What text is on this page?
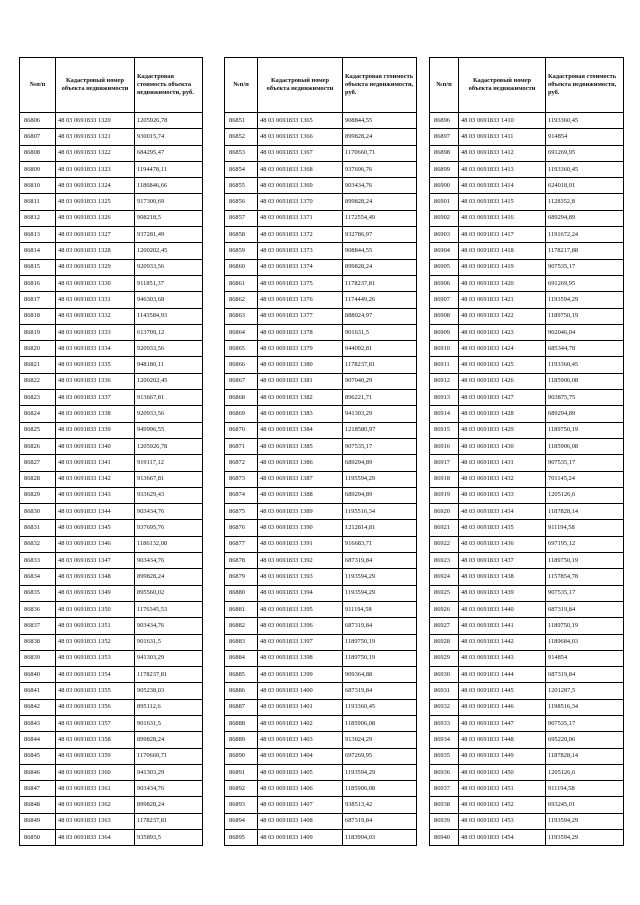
№п/п	Кадастровый номер объекта недвижимости	Кадастровая стоимость объекта недвижимости, руб.
86806	48 03 0691833 1320	1205926,78
86807	48 03 0691833 1321	930015,74
86808	48 03 0691833 1322	684295,47
86809	48 03 0691833 1323	1194478,11
86810	48 03 0691833 1324	1186846,66
86811	48 03 0691833 1325	917300,69
86812	48 03 0691833 1326	908218,5
86813	48 03 0691833 1327	937281,49
86814	48 03 0691833 1328	1200202,45
86815	48 03 0691833 1329	920933,56
86816	48 03 0691833 1330	911851,37
86817	48 03 0691833 1331	946303,68
86818	48 03 0691833 1332	1143584,93
86819	48 03 0691833 1333	613709,12
86820	48 03 0691833 1334	920933,56
86821	48 03 0691833 1335	948180,11
86822	48 03 0691833 1336	1200202,45
86823	48 03 0691833 1337	913667,81
86824	48 03 0691833 1338	920933,56
86825	48 03 0691833 1339	949996,55
86826	48 03 0691833 1340	1205926,78
86827	48 03 0691833 1341	919117,12
86828	48 03 0691833 1342	913667,81
86829	48 03 0691833 1343	933629,43
86830	48 03 0691833 1344	903434,76
86831	48 03 0691833 1345	937695,76
86832	48 03 0691833 1346	1186132,08
86833	48 03 0691833 1347	903434,76
86834	48 03 0691833 1348	899828,24
86835	48 03 0691833 1349	895560,02
86836	48 03 0691833 1350	1176345,53
86837	48 03 0691833 1351	903434,76
86838	48 03 0691833 1352	901631,5
86839	48 03 0691833 1353	941303,29
86840	48 03 0691833 1354	1178237,81
86841	48 03 0691833 1355	905238,03
86842	48 03 0691833 1356	895112,6
86843	48 03 0691833 1357	901631,5
86844	48 03 0691833 1358	899828,24
86845	48 03 0691833 1359	1170660,71
86846	48 03 0691833 1360	941303,29
86847	48 03 0691833 1361	903434,76
86848	48 03 0691833 1362	899828,24
86849	48 03 0691833 1363	1178237,81
86850	48 03 0691833 1364	935893,5
№п/п	Кадастровый номер объекта недвижимости	Кадастровая стоимость объекта недвижимости, руб.
86851	48 03 0691833 1365	908844,55
86852	48 03 0691833 1366	899828,24
86853	48 03 0691833 1367	1170660,71
86854	48 03 0691833 1368	937696,76
86855	48 03 0691833 1369	903434,76
86856	48 03 0691833 1370	899828,24
86857	48 03 0691833 1371	1172554,49
86858	48 03 0691833 1372	932786,97
86859	48 03 0691833 1373	908844,55
86860	48 03 0691833 1374	899828,24
86861	48 03 0691833 1375	1178237,81
86862	48 03 0691833 1376	1174449,26
86863	48 03 0691833 1377	888024,97
86864	48 03 0691833 1378	901631,5
86865	48 03 0691833 1379	944092,81
86866	48 03 0691833 1380	1178237,81
86867	48 03 0691833 1381	907040,29
86868	48 03 0691833 1382	896221,71
86869	48 03 0691833 1383	941303,29
86870	48 03 0691833 1384	1218580,97
86871	48 03 0691833 1385	907535,17
86872	48 03 0691833 1386	689294,89
86873	48 03 0691833 1387	1195594,29
86874	48 03 0691833 1388	689294,89
86875	48 03 0691833 1389	1195516,34
86876	48 03 0691833 1390	1212814,81
86877	48 03 0691833 1391	916683,71
86878	48 03 0691833 1392	687319,84
86879	48 03 0691833 1393	1193594,29
86880	48 03 0691833 1394	1193594,29
86881	48 03 0691833 1395	911194,58
86882	48 03 0691833 1396	687319,84
86883	48 03 0691833 1397	1189750,19
86884	48 03 0691833 1398	1189750,19
86885	48 03 0691833 1399	909364,88
86886	48 03 0691833 1400	687319,84
86887	48 03 0691833 1401	1193360,45
86888	48 03 0691833 1402	1185906,08
86889	48 03 0691833 1403	913024,29
86890	48 03 0691833 1404	697269,95
86891	48 03 0691833 1405	1193594,29
86892	48 03 0691833 1406	1185906,08
86893	48 03 0691833 1407	938513,42
86894	48 03 0691833 1408	687319,84
86895	48 03 0691833 1409	1183994,03
№п/п	Кадастровый номер объекта недвижимости	Кадастровая стоимость объекта недвижимости, руб.
86896	48 03 0691833 1410	1193360,45
86897	48 03 0691833 1411	914854
86898	48 03 0691833 1412	691269,95
86899	48 03 0691833 1413	1193360,45
86900	48 03 0691833 1414	624018,01
86901	48 03 0691833 1415	1128352,8
86902	48 03 0691833 1416	689294,89
86903	48 03 0691833 1417	1191672,24
86904	48 03 0691833 1418	1178217,88
86905	48 03 0691833 1419	907535,17
86906	48 03 0691833 1420	691269,95
86907	48 03 0691833 1421	1193594,29
86908	48 03 0691833 1422	1189750,19
86909	48 03 0691833 1423	902046,04
86910	48 03 0691833 1424	685344,78
86911	48 03 0691833 1425	1193360,45
86912	48 03 0691833 1426	1185906,08
86913	48 03 0691833 1427	903875,75
86914	48 03 0691833 1428	689294,89
86915	48 03 0691833 1429	1189750,19
86916	48 03 0691833 1430	1185906,08
86917	48 03 0691833 1431	907535,17
86918	48 03 0691833 1432	701145,24
86919	48 03 0691833 1433	1205126,6
86920	48 03 0691833 1434	1187828,14
86921	48 03 0691833 1435	911194,58
86922	48 03 0691833 1436	697195,12
86923	48 03 0691833 1437	1189750,19
86924	48 03 0691833 1438	1157854,78
86925	48 03 0691833 1439	907535,17
86926	48 03 0691833 1440	687319,84
86927	48 03 0691833 1441	1189750,19
86928	48 03 0691833 1442	1189684,03
86929	48 03 0691833 1443	914854
86930	48 03 0691833 1444	687319,84
86931	48 03 0691833 1445	1201287,5
86932	48 03 0691833 1446	1198516,34
86933	48 03 0691833 1447	907535,17
86934	48 03 0691833 1448	695220,06
86935	48 03 0691833 1449	1187828,14
86936	48 03 0691833 1450	1205126,6
86937	48 03 0691833 1451	911194,58
86938	48 03 0691833 1452	693245,01
86939	48 03 0691833 1453	1193594,29
86940	48 03 0691833 1454	1193594,29
